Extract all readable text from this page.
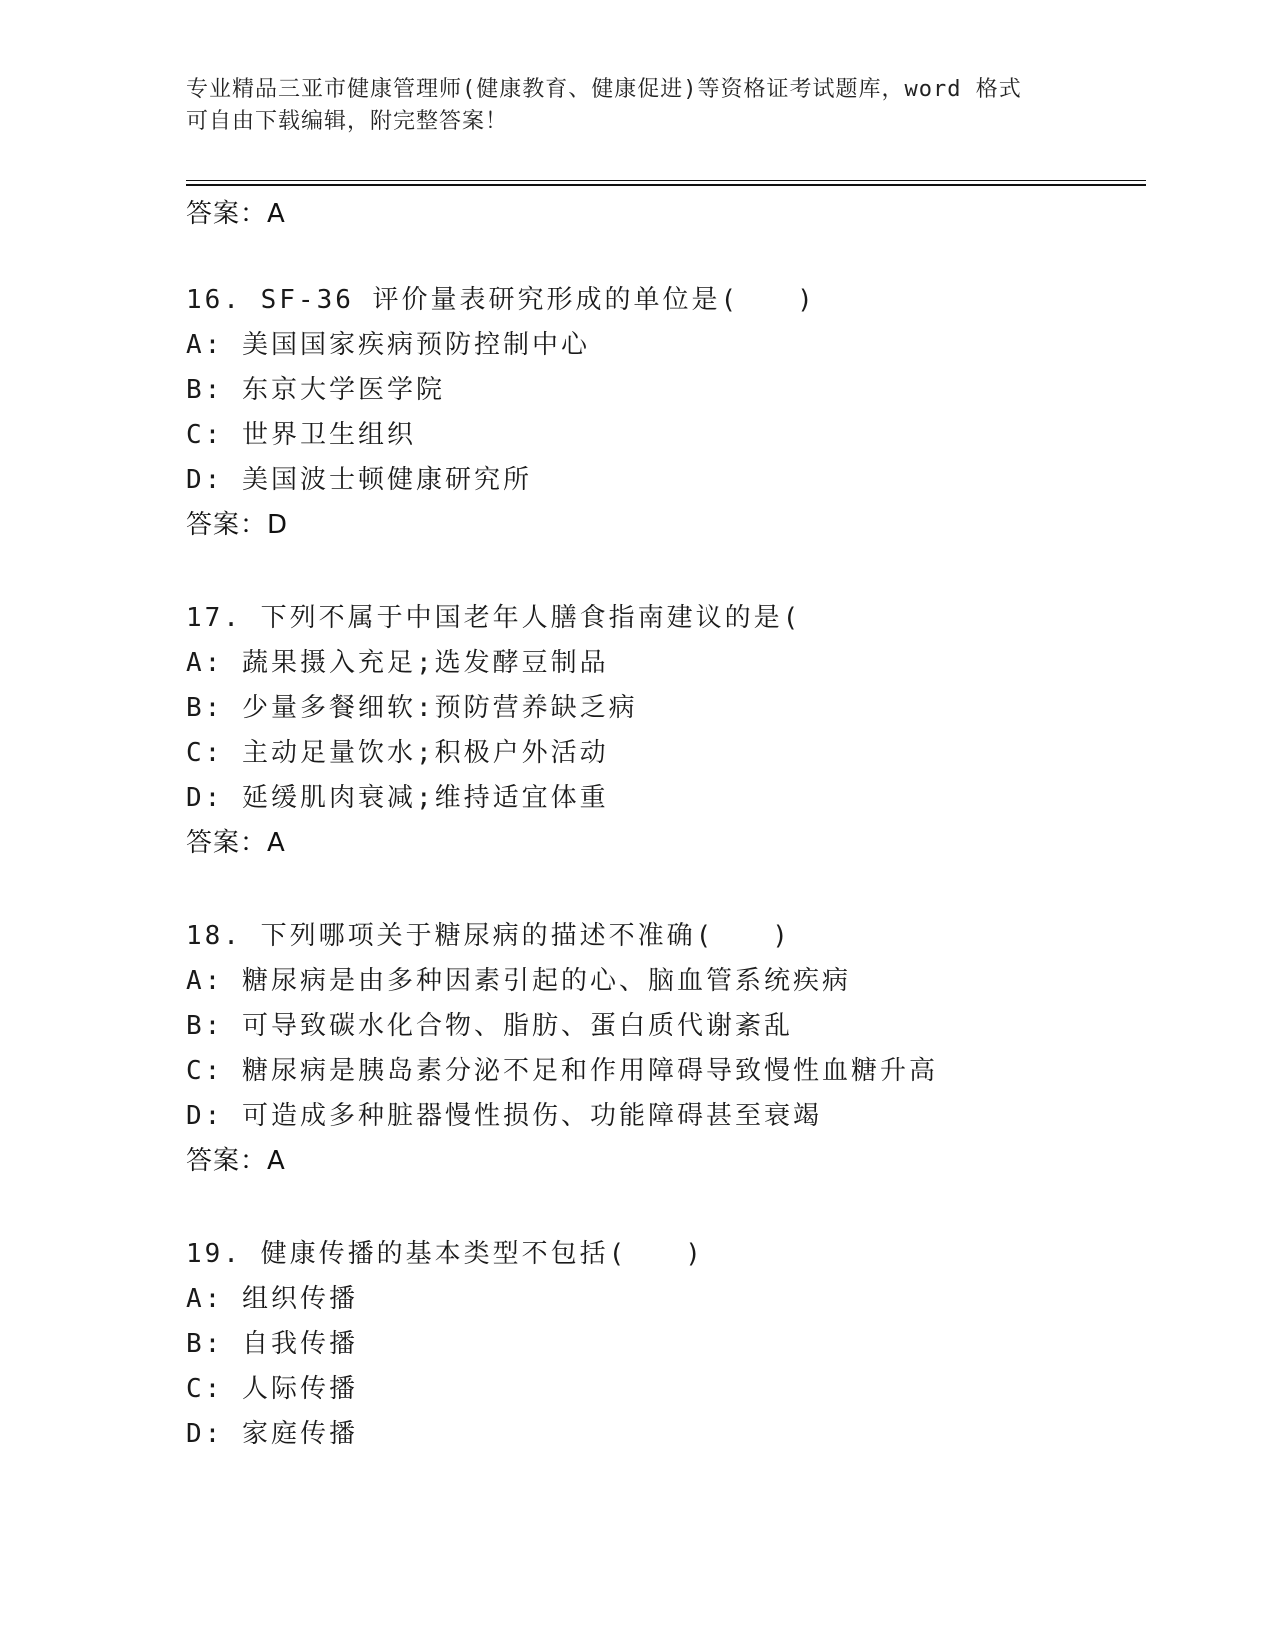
专业精品三亚市健康管理师(健康教育、健康促进)等资格证考试题库，word 格式
可自由下载编辑，附完整答案！
答案：A
16. SF-36 评价量表研究形成的单位是(　　)
A: 美国国家疾病预防控制中心
B: 东京大学医学院
C: 世界卫生组织
D: 美国波士顿健康研究所
答案：D
17. 下列不属于中国老年人膳食指南建议的是(
A: 蔬果摄入充足;选发酵豆制品
B: 少量多餐细软:预防营养缺乏病
C: 主动足量饮水;积极户外活动
D: 延缓肌肉衰减;维持适宜体重
答案：A
18. 下列哪项关于糖尿病的描述不准确(　　)
A: 糖尿病是由多种因素引起的心、脑血管系统疾病
B: 可导致碳水化合物、脂肪、蛋白质代谢紊乱
C: 糖尿病是胰岛素分泌不足和作用障碍导致慢性血糖升高
D: 可造成多种脏器慢性损伤、功能障碍甚至衰竭
答案：A
19. 健康传播的基本类型不包括(　　)
A: 组织传播
B: 自我传播
C: 人际传播
D: 家庭传播
